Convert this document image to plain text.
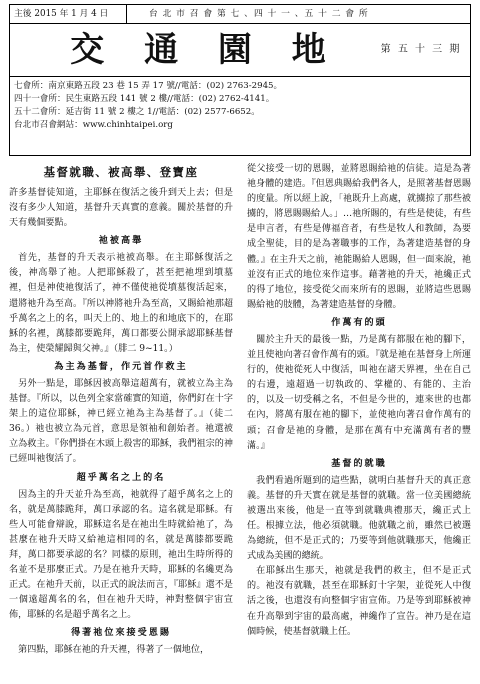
主後 2015 年 1 月 4 日	台 北 市 召 會 第 七 、四 十 一 、五 十 二 會 所
交 通 園 地	第 五 十 三 期
七會所：南京東路五段 23 巷 15 弄 17 號//電話：(02) 2763-2945。
四十一會所：民生東路五段 141 號 2 樓//電話：(02) 2762-4141。
五十二會所：延吉街 11 號 2 樓之 1//電話：(02) 2577-6652。
台北市召會網站：www.chinhtaipei.org
基督就職、被高舉、登寶座

許多基督徒知道，主耶穌在復活之後升到天上去；但是沒有多少人知道，基督升天真實的意義。關於基督的升天有幾個要點。

祂被高舉

首先，基督的升天表示祂被高舉。在主耶穌復活之後，神高舉了祂。人把耶穌殺了，甚至把祂埋到墳墓裡，但是神使祂復活了，神不僅使祂從墳墓復活起來，還將祂升為至高。『所以神將祂升為至高，又賜給祂那超乎萬名之上的名，叫天上的、地上的和地底下的，在耶穌的名裡，萬膝都要跪拜，萬口都要公開承認耶穌基督為主，使榮耀歸與父神。』（腓二 9~11。）

為主為基督，作元首作救主

另外一點是，耶穌因被高舉這超萬有，就被立為主為基督。『所以，以色列全家當確實的知道，你們釘在十字架上的這位耶穌，神已經立祂為主為基督了。』（徒二 36。）祂也被立為元首，意思是領袖和創始者。祂還被立為救主。『你們掛在木頭上殺害的耶穌，我們祖宗的神已經叫祂復活了。

超乎萬名之上的名

因為主的升天並升為至高，祂就得了超乎萬名之上的名，就是萬膝跪拜，萬口承認的名。這名就是耶穌。有些人可能會辯說，耶穌這名是在祂出生時就給祂了，為甚麼在祂升天時又給祂這相同的名，就是萬膝都要跪拜，萬口都要承認的名？同樣的原則，祂出生時所得的名並不是那麼正式。乃是在祂升天時，耶穌的名纔更為正式。在祂升天前，以正式的說法而言，『耶穌』還不是一個遠超萬名的名，但在祂升天時，神對整個宇宙宣佈，耶穌的名是超乎萬名之上。

得著祂位來接受恩賜

第四點，耶穌在祂的升天裡，得著了一個地位，

從父接受一切的恩賜，並將恩賜給祂的信徒。這是為著祂身體的建造。『但恩典賜給我們各人，是照著基督恩賜的度量。所以經上說，「祂既升上高處，就擄掠了那些被擄的，將恩賜賜給人。」…祂所賜的，有些是使徒，有些是申言者，有些是傳福音者，有些是牧人和教師，為要成全聖徒，目的是為著職事的工作，為著建造基督的身體。』在主升天之前，祂能賜給人恩賜，但一面來說，祂並沒有正式的地位來作這事。藉著祂的升天，祂纔正式的得了地位，接受從父而來所有的恩賜，並將這些恩賜賜給祂的肢體，為著建造基督的身體。

作萬有的頭

關於主升天的最後一點，乃是萬有都服在祂的腳下，並且使祂向著召會作萬有的頭。『就是祂在基督身上所運行的，使祂從死人中復活，叫祂在諸天界裡，坐在自己的右邊，遠超過一切執政的、掌權的、有能的、主治的，以及一切受稱之名，不但是今世的，連來世的也都在內，將萬有服在祂的腳下，並使祂向著召會作萬有的頭；召會是祂的身體，是那在萬有中充滿萬有者的豐滿。』

基督的就職

我們看過所題到的這些點，就明白基督升天的真正意義。基督的升天實在就是基督的就職。當一位美國總統被選出來後，他是一直等到就職典禮那天，纔正式上任。根據立法，他必須就職。他就職之前，雖然已被選為總統，但不是正式的；乃要等到他就職那天，他纔正式成為美國的總統。

在耶穌出生那天，祂就是我們的救主，但不是正式的。祂沒有就職，甚至在耶穌釘十字架，並從死人中復活之後，也還沒有向整個宇宙宣佈。乃是等到耶穌被神在升高舉到宇宙的最高處，神纔作了宣告。神乃是在這個時候，使基督就職上任。
